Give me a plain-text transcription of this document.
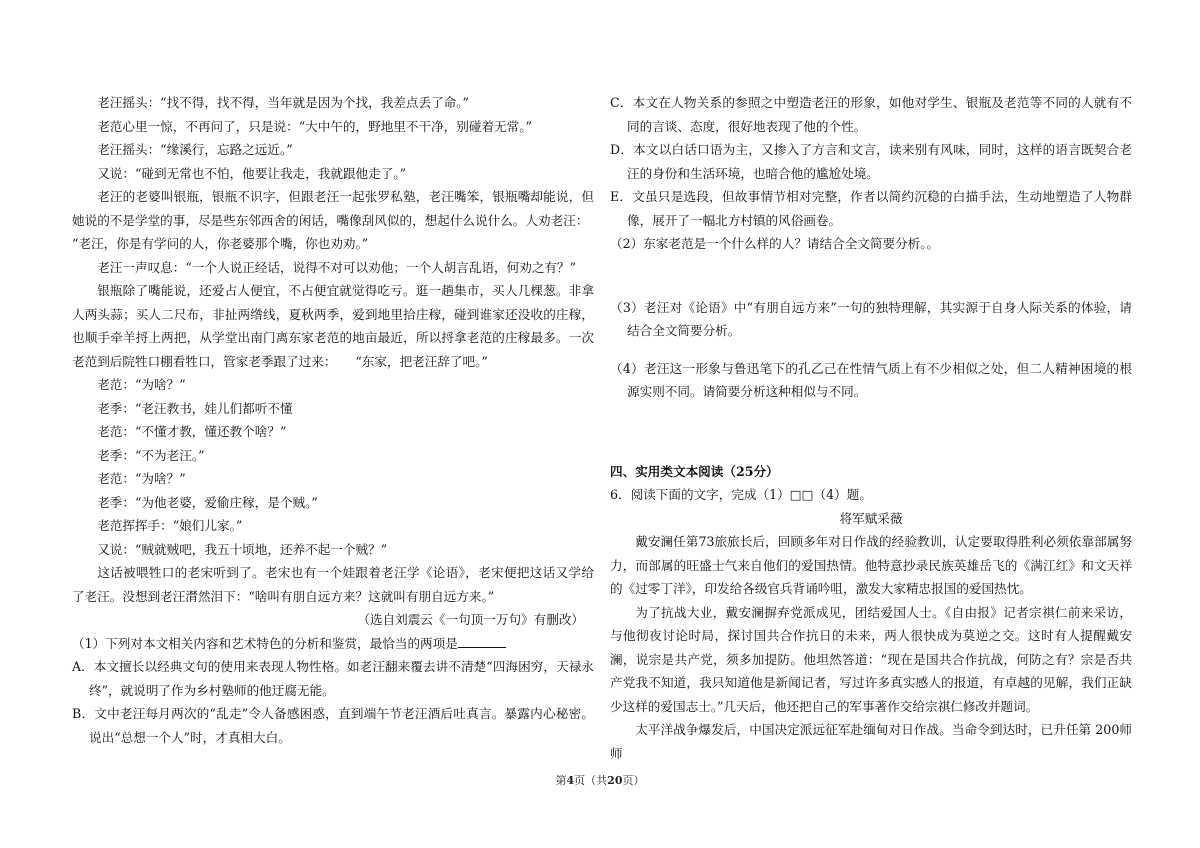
老汪摇头：“找不得，找不得，当年就是因为个找，我差点丢了命。”

老范心里一惊，不再问了，只是说：“大中午的，野地里不干净，别碰着无常。”

老汪摇头：“缘溪行，忘路之远近。”

又说：“碰到无常也不怕，他要让我走，我就跟他走了。”

老汪的老婆叫银瓶，银瓶不识字，但跟老汪一起张罗私塾，老汪嘴笨，银瓶嘴却能说，但她说的不是学堂的事，尽是些东邻西舍的闲话，嘴像刮风似的，想起什么说什么。人劝老汪：

“老汪，你是有学问的人，你老婆那个嘴，你也劝劝。”

老汪一声叹息：“一个人说正经话，说得不对可以劝他；一个人胡言乱语，何劝之有？”

银瓶除了嘴能说，还爱占人便宜，不占便宜就觉得吃亏。逛一趟集市，买人几棵葱。非拿人两头蒜；买人二尺布，非扯两绺线，夏秋两季，爱到地里拾庄稼，碰到谁家还没收的庄稼，也顺手牵羊捋上两把，从学堂出南门离东家老范的地亩最近，所以捋拿老范的庄稼最多。一次老范到后院牲口棚看牲口，管家老季跟了过来：　　“东家，把老汪辞了吧。”

老范：“为啥？”

老季：“老汪教书，娃儿们都听不懂

老范：“不懂才教，懂还教个啥？”

老季：“不为老汪。”

老范：“为啥？”

老季：“为他老婆，爱偷庄稼，是个贼。”

老范挥挥手：“娘们儿家。”

又说：“贼就贼吧，我五十顷地，还养不起一个贼？”

这话被喂牲口的老宋听到了。老宋也有一个娃跟着老汪学《论语》，老宋便把这话又学给了老汪。没想到老汪潸然泪下：“啥叫有朋自远方来？这就叫有朋自远方来。”

（选自刘震云《一句顶一万句》有删改）

（1）下列对本文相关内容和艺术特色的分析和鉴赏，最恰当的两项是

A．本文擅长以经典文句的使用来表现人物性格。如老汪翻来覆去讲不清楚“四海困穷，天禄永终”，就说明了作为乡村塾师的他迂腐无能。

B．文中老汪每月两次的“乱走”令人备感困惑，直到端午节老汪酒后吐真言。暴露内心秘密。说出“总想一个人”时，才真相大白。

C．本文在人物关系的参照之中塑造老汪的形象，如他对学生、银瓶及老范等不同的人就有不同的言谈、态度，很好地表现了他的个性。

D．本文以白话口语为主，又掺入了方言和文言，读来别有风味，同时，这样的语言既契合老汪的身份和生活环境，也暗合他的尴尬处境。

E．文虽只是选段，但故事情节相对完整，作者以简约沉稳的白描手法，生动地塑造了人物群像，展开了一幅北方村镇的风俗画卷。

（2）东家老范是一个什么样的人？请结合全文简要分析。。

（3）老汪对《论语》中“有朋自远方来”一句的独特理解，其实源于自身人际关系的体验，请结合全文简要分析。

（4）老汪这一形象与鲁迅笔下的孔乙己在性情气质上有不少相似之处，但二人精神困境的根源实则不同。请简要分析这种相似与不同。

四、实用类文本阅读（25分）

6．阅读下面的文字，完成（1）□□（4）题。

将军赋采薇

戴安澜任第73旅旅长后，回顾多年对日作战的经验教训，认定要取得胜利必须依靠部属努力，而部属的旺盛士气来自他们的爱国热情。他特意抄录民族英雄岳飞的《满江红》和文天祥的《过零丁洋》，印发给各级官兵背诵吟咀，激发大家精忠报国的爱国热忱。

为了抗战大业，戴安澜摒弃党派成见，团结爱国人士。《自由报》记者宗祺仁前来采访，与他彻夜讨论时局，探讨国共合作抗日的未来，两人很快成为莫逆之交。这时有人提醒戴安澜，说宗是共产党，须多加提防。他坦然答道：“现在是国共合作抗战，何防之有？宗是否共产党我不知道，我只知道他是新闻记者，写过许多真实感人的报道，有卓越的见解，我们正缺少这样的爱国志士。”几天后，他还把自己的军事著作交给宗祺仁修改并题词。

太平洋战争爆发后，中国决定派远征军赴缅甸对日作战。当命令到达时，已升任第 200师师

第4页（共20页）
